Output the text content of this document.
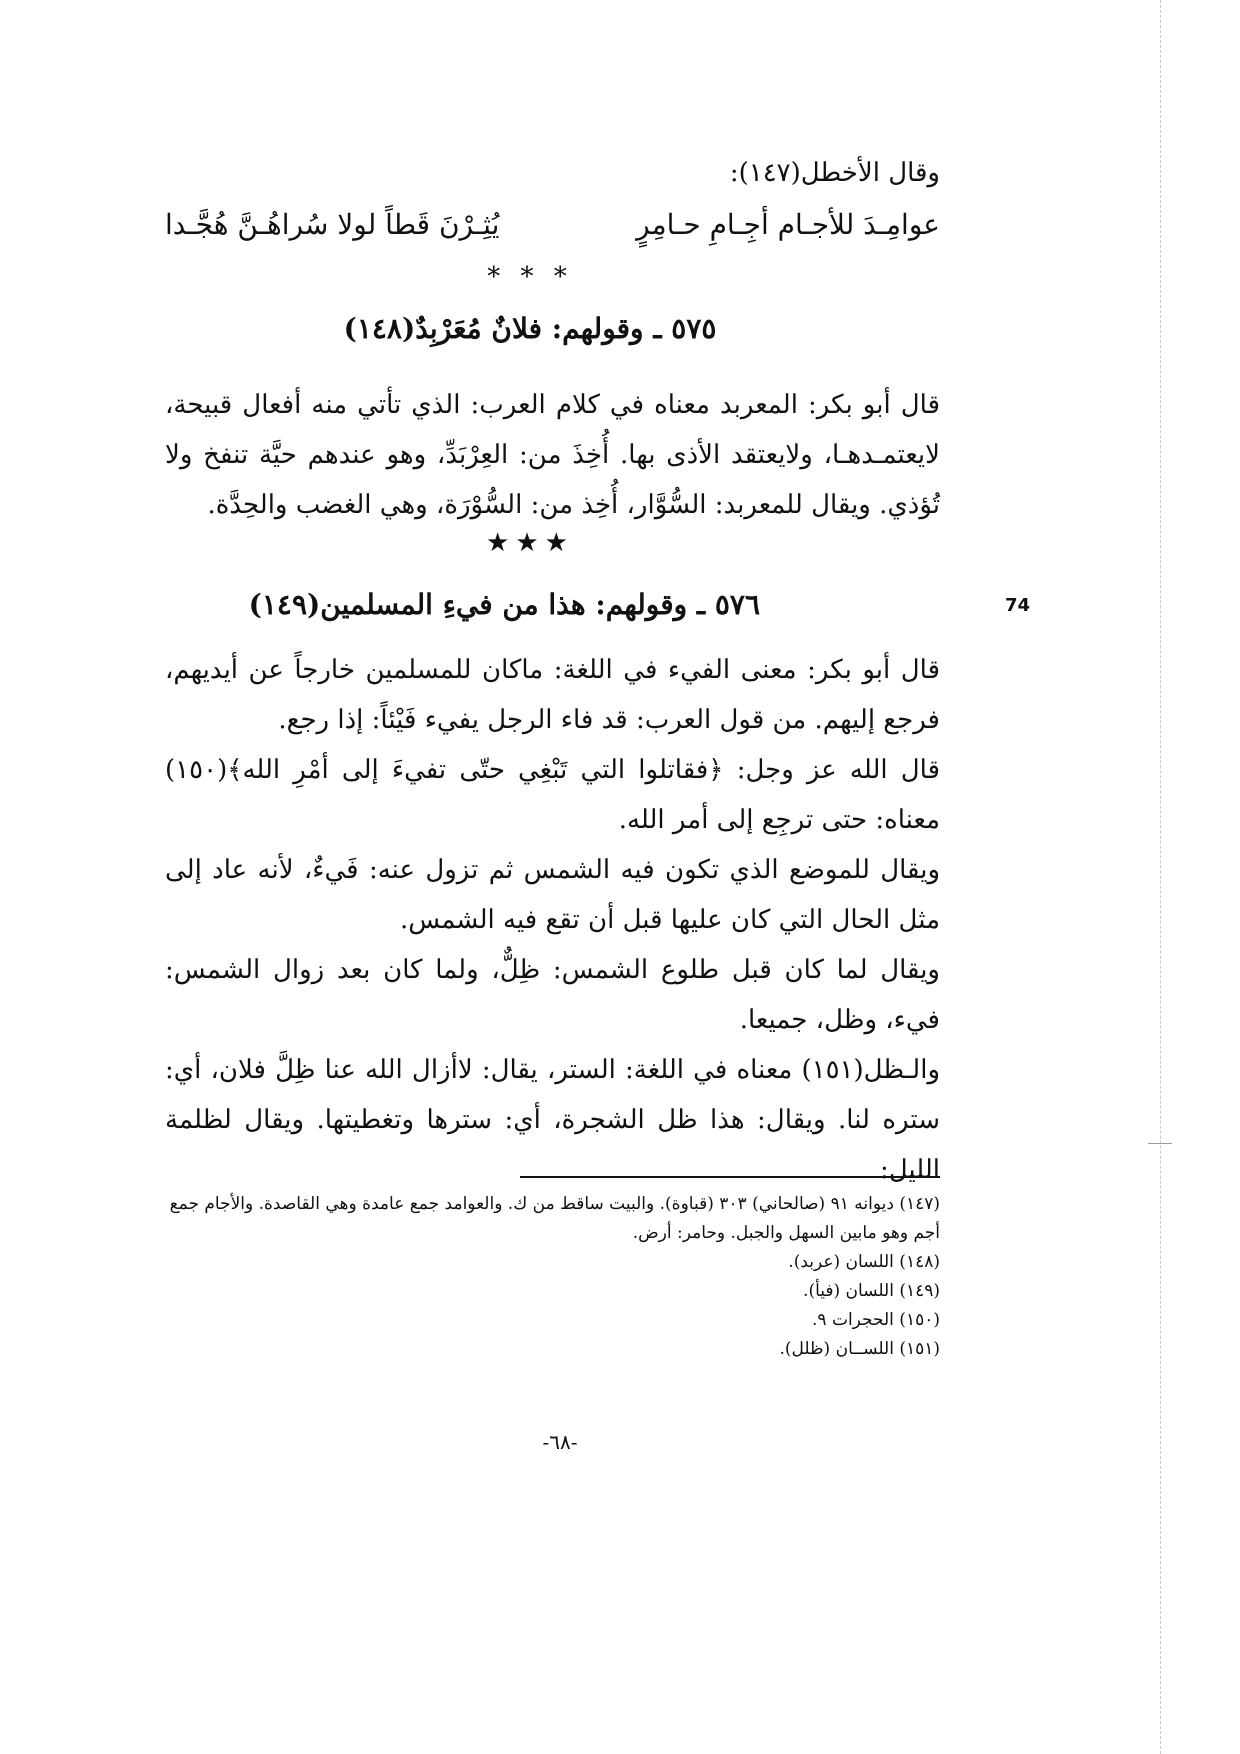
وقال الأخطل(١٤٧):
عوامِـدَ للأجـام أجِـامِ حـامِرٍ
يُثِـرْنَ قَطاً لولا سُراهُـنَّ هُجَّـدا
* * *
٥٧٥ ـ وقولهم: فلانٌ مُعَرْبِدٌ(١٤٨)
قال أبو بكر: المعربد معناه في كلام العرب: الذي تأتي منه أفعال قبيحة، لايعتمـدهـا، ولايعتقد الأذى بها. أُخِذَ من: العِرْبَدِّ، وهو عندهم حيَّة تنفخ ولا تُؤذي. ويقال للمعربد: السُّوَّار، أُخِذ من: السُّوْرَة، وهي الغضب والحِدَّة.
★★★
74
٥٧٦ ـ وقولهم: هذا من فيءِ المسلمين(١٤٩)
قال أبو بكر: معنى الفيء في اللغة: ماكان للمسلمين خارجاً عن أيديهم، فرجع إليهم. من قول العرب: قد فاء الرجل يفيء فَيْئاً: إذا رجع.
قال الله عز وجل: ﴿فقاتلوا التي تَبْغِي حتّى تفيءَ إلى أمْرِ الله﴾(١٥٠) معناه: حتى ترجِع إلى أمر الله.
ويقال للموضع الذي تكون فيه الشمس ثم تزول عنه: فَيءٌ، لأنه عاد إلى مثل الحال التي كان عليها قبل أن تقع فيه الشمس.
ويقال لما كان قبل طلوع الشمس: ظِلٌّ، ولما كان بعد زوال الشمس: فيء، وظل، جميعا.
والـظل(١٥١) معناه في اللغة: الستر، يقال: لاأزال الله عنا ظِلَّ فلان، أي: ستره لنا. ويقال: هذا ظل الشجرة، أي: سترها وتغطيتها. ويقال لظلمة الليل:

(١٤٧) ديوانه ٩١ (صالحاني) ٣٠٣ (قباوة). والبيت ساقط من ك. والعوامد جمع عامدة وهي القاصدة. والأجام جمع أجم وهو مابين السهل والجبل. وحامر: أرض.

(١٤٨) اللسان (عربد).

(١٤٩) اللسان (فيأ).

(١٥٠) الحجرات ٩.

(١٥١) اللســان (ظلل).

-٦٨-
